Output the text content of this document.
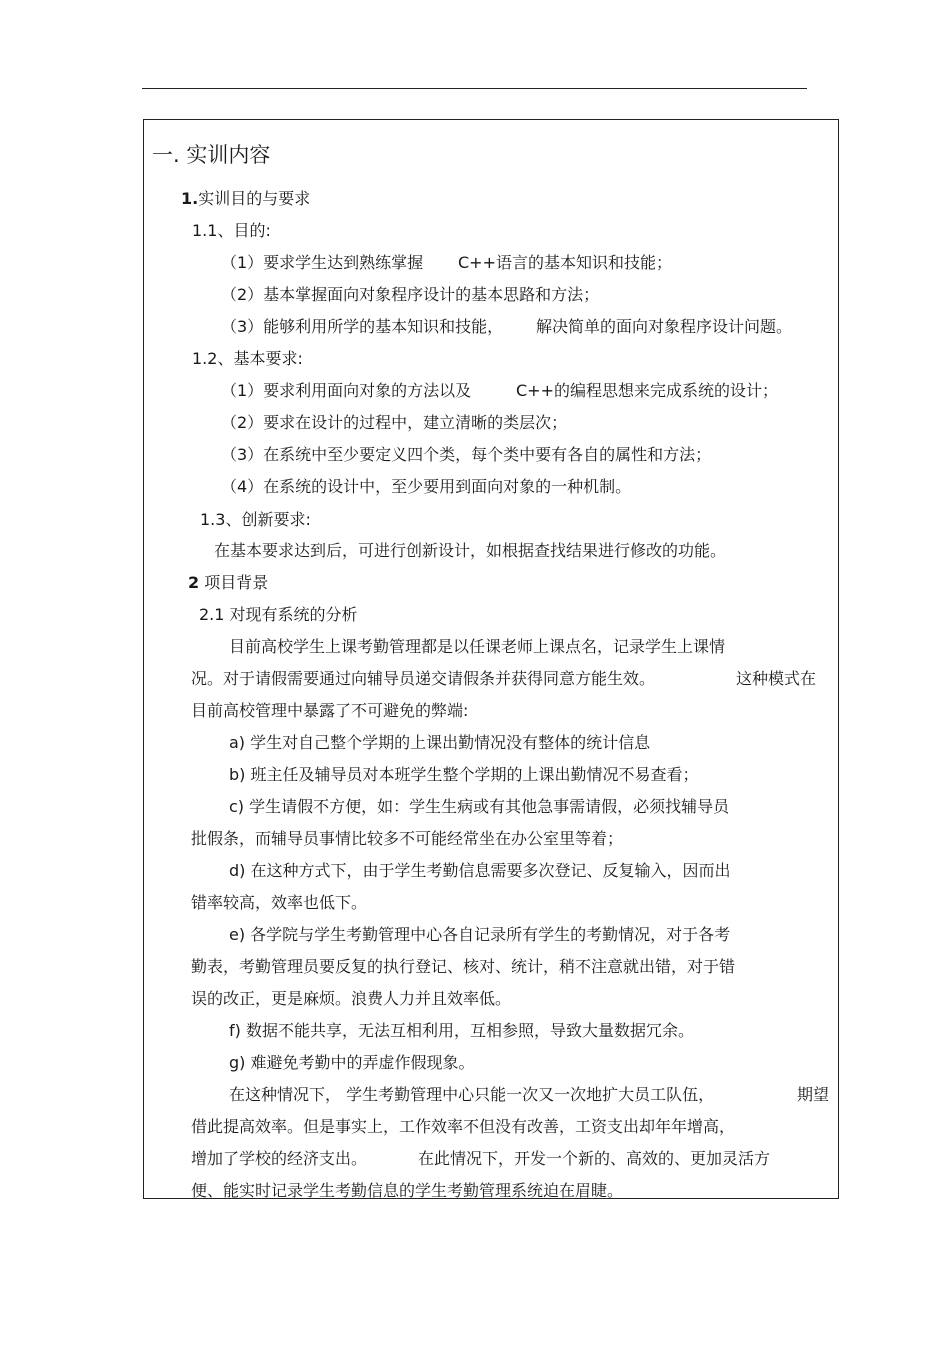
一. 实训内容
1.实训目的与要求
1.1、目的:
（1）要求学生达到熟练掌握 C++语言的基本知识和技能；
（2）基本掌握面向对象程序设计的基本思路和方法；
（3）能够利用所学的基本知识和技能， 解决简单的面向对象程序设计问题。
1.2、基本要求:
（1）要求利用面向对象的方法以及	C++的编程思想来完成系统的设计；
（2）要求在设计的过程中，建立清晰的类层次；
（3）在系统中至少要定义四个类，每个类中要有各自的属性和方法；
（4）在系统的设计中，至少要用到面向对象的一种机制。
1.3、创新要求:
在基本要求达到后，可进行创新设计，如根据查找结果进行修改的功能。
2 项目背景
2.1 对现有系统的分析
目前高校学生上课考勤管理都是以任课老师上课点名，记录学生上课情
况。对于请假需要通过向辅导员递交请假条并获得同意方能生效。	这种模式在
目前高校管理中暴露了不可避免的弊端:
a) 学生对自己整个学期的上课出勤情况没有整体的统计信息
b) 班主任及辅导员对本班学生整个学期的上课出勤情况不易查看；
c) 学生请假不方便，如：学生生病或有其他急事需请假，必须找辅导员
批假条，而辅导员事情比较多不可能经常坐在办公室里等着；
d) 在这种方式下，由于学生考勤信息需要多次登记、反复输入，因而出
错率较高，效率也低下。
e) 各学院与学生考勤管理中心各自记录所有学生的考勤情况，对于各考
勤表，考勤管理员要反复的执行登记、核对、统计，稍不注意就出错，对于错
误的改正，更是麻烦。浪费人力并且效率低。
f) 数据不能共享，无法互相利用，互相参照，导致大量数据冗余。
g) 难避免考勤中的弄虚作假现象。
在这种情况下， 学生考勤管理中心只能一次又一次地扩大员工队伍，	期望
借此提高效率。但是事实上，工作效率不但没有改善，工资支出却年年增高，
增加了学校的经济支出。	在此情况下，开发一个新的、高效的、更加灵活方
便、能实时记录学生考勤信息的学生考勤管理系统迫在眉睫。
